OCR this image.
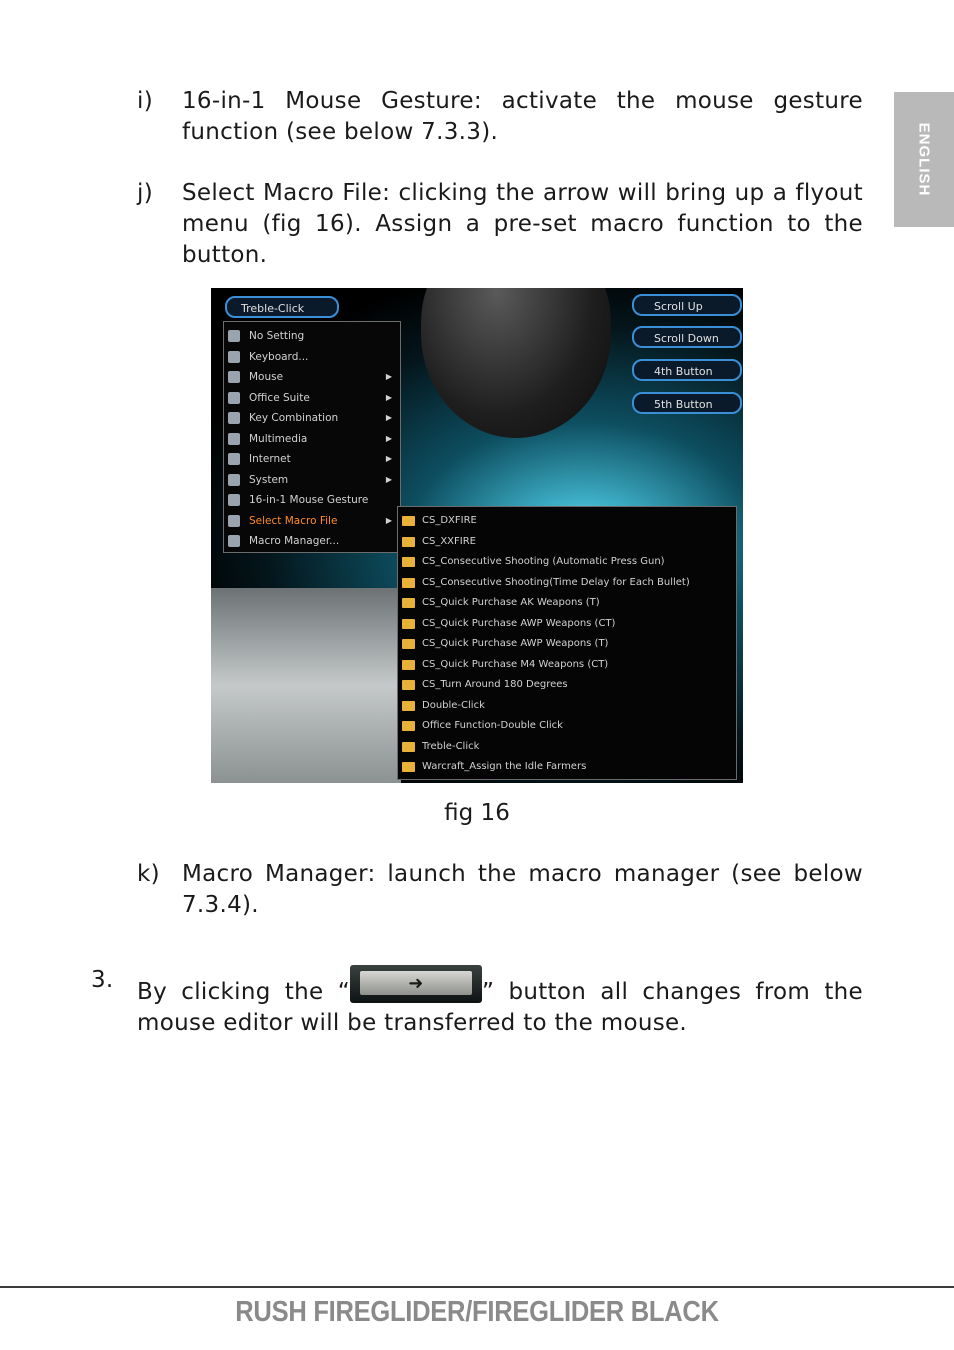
ENGLISH
i) 16-in-1 Mouse Gesture: activate the mouse gesture function (see below 7.3.3).
j) Select Macro File: clicking the arrow will bring up a flyout menu (fig 16). Assign a pre-set macro function to the button.
Treble-Click	Scroll Up
Scroll Down
4th Button
5th Button
No Setting
Keyboard...
Mouse	▶
Office Suite	▶
Key Combination	▶
Multimedia	▶
Internet	▶
System	▶
16-in-1 Mouse Gesture
Select Macro File	▶
Macro Manager...
CS_DXFIRE
CS_XXFIRE
CS_Consecutive Shooting (Automatic Press Gun)
CS_Consecutive Shooting(Time Delay for Each Bullet)
CS_Quick Purchase AK Weapons (T)
CS_Quick Purchase AWP Weapons (CT)
CS_Quick Purchase AWP Weapons (T)
CS_Quick Purchase M4 Weapons (CT)
CS_Turn Around 180 Degrees
Double-Click
Office Function-Double Click
Treble-Click
Warcraft_Assign the Idle Farmers
fig 16
k) Macro Manager: launch the macro manager (see below 7.3.4).
3. By clicking the “	➜	” button all changes from the mouse editor will be transferred to the mouse.
RUSH FIREGLIDER/FIREGLIDER BLACK
